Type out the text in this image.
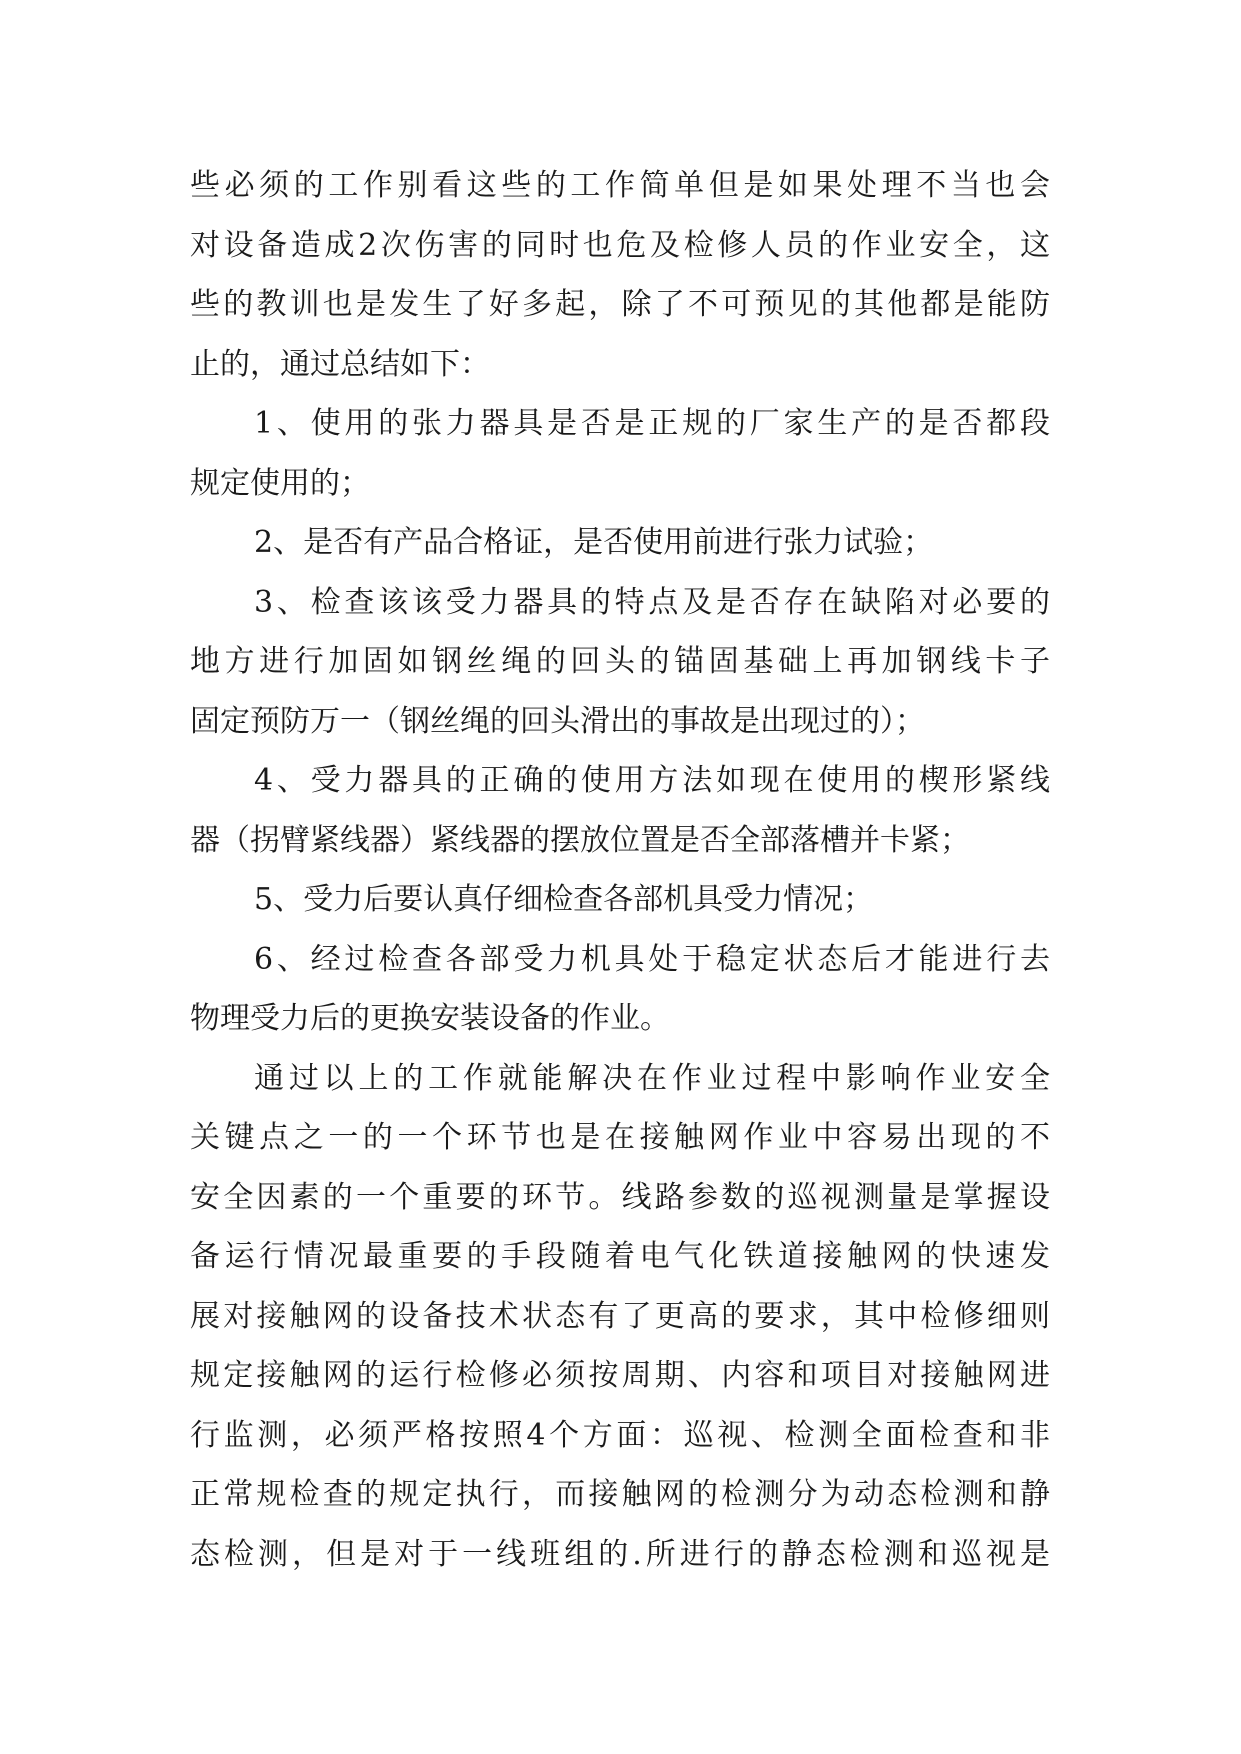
些必须的工作别看这些的工作简单但是如果处理不当也会
对设备造成2次伤害的同时也危及检修人员的作业安全，这
些的教训也是发生了好多起，除了不可预见的其他都是能防
止的，通过总结如下：
1、使用的张力器具是否是正规的厂家生产的是否都段
规定使用的；
2、是否有产品合格证，是否使用前进行张力试验；
3、检查该该受力器具的特点及是否存在缺陷对必要的
地方进行加固如钢丝绳的回头的锚固基础上再加钢线卡子
固定预防万一（钢丝绳的回头滑出的事故是出现过的）；
4、受力器具的正确的使用方法如现在使用的楔形紧线
器（拐臂紧线器）紧线器的摆放位置是否全部落槽并卡紧；
5、受力后要认真仔细检查各部机具受力情况；
6、经过检查各部受力机具处于稳定状态后才能进行去
物理受力后的更换安装设备的作业。
通过以上的工作就能解决在作业过程中影响作业安全
关键点之一的一个环节也是在接触网作业中容易出现的不
安全因素的一个重要的环节。线路参数的巡视测量是掌握设
备运行情况最重要的手段随着电气化铁道接触网的快速发
展对接触网的设备技术状态有了更高的要求，其中检修细则
规定接触网的运行检修必须按周期、内容和项目对接触网进
行监测，必须严格按照4个方面：巡视、检测全面检查和非
正常规检查的规定执行，而接触网的检测分为动态检测和静
态检测，但是对于一线班组的.所进行的静态检测和巡视是
